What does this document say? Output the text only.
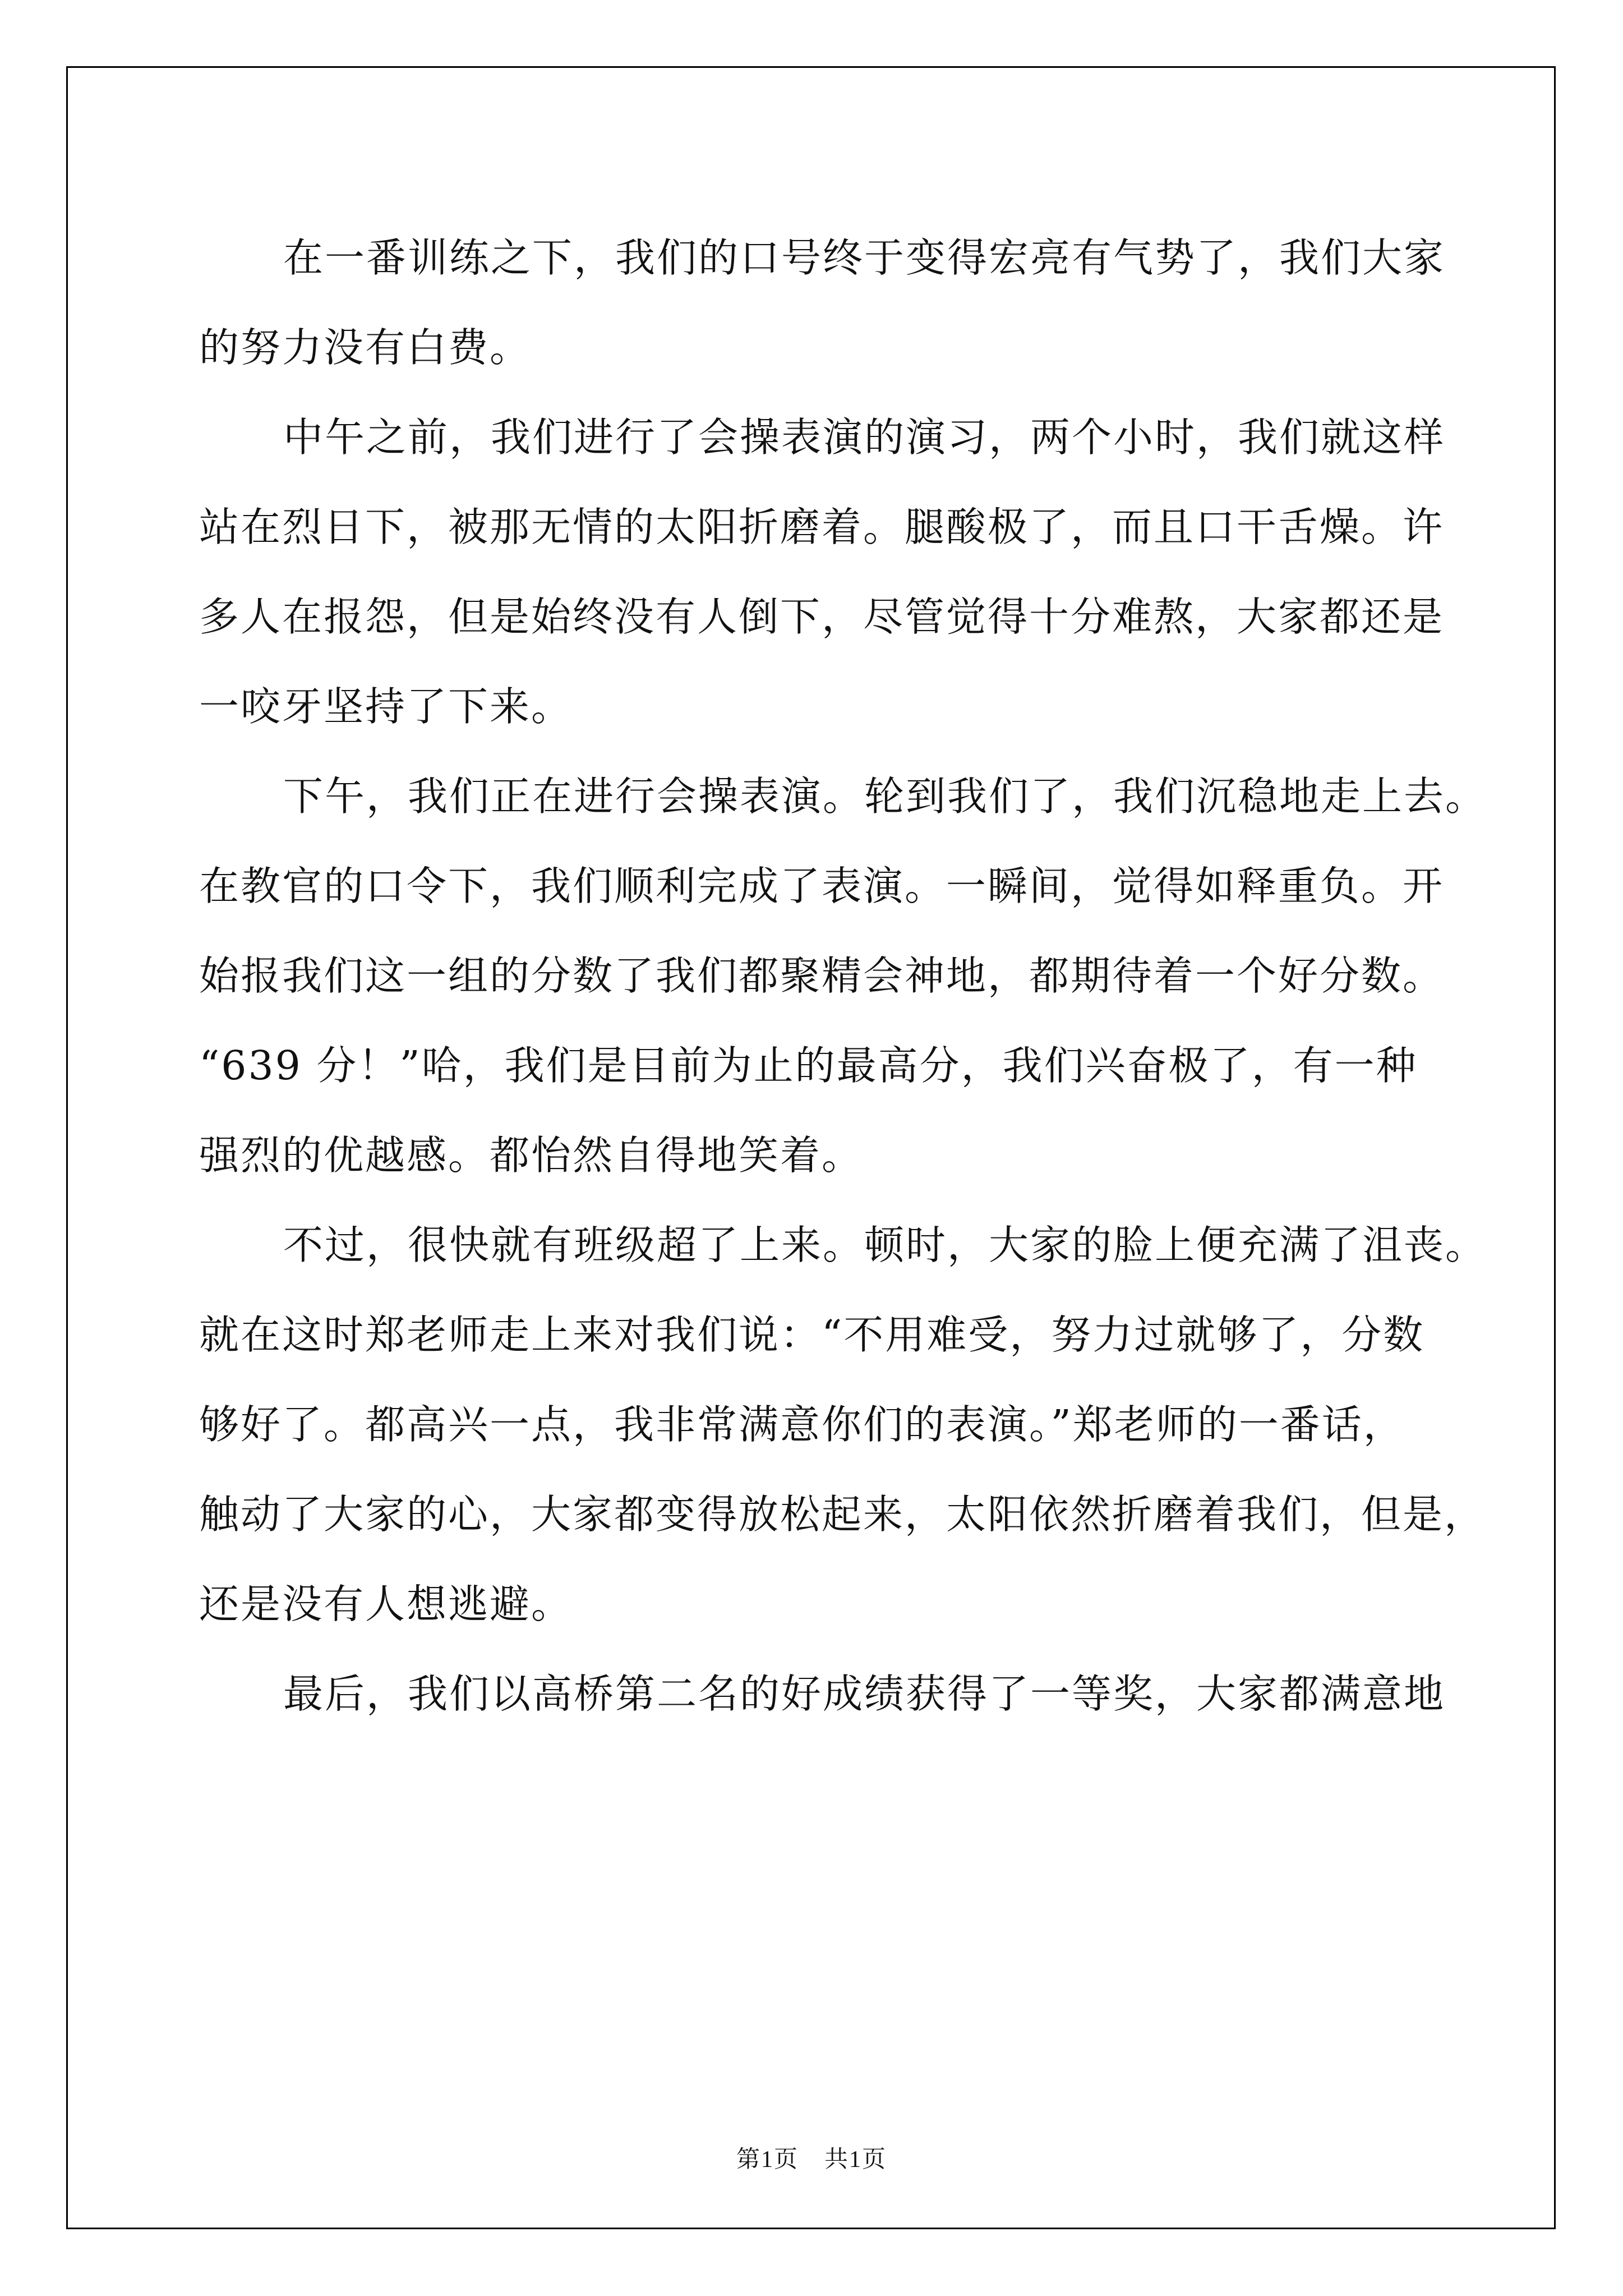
在一番训练之下，我们的口号终于变得宏亮有气势了，我们大家
的努力没有白费。
中午之前，我们进行了会操表演的演习，两个小时，我们就这样
站在烈日下，被那无情的太阳折磨着。腿酸极了，而且口干舌燥。许
多人在报怨，但是始终没有人倒下，尽管觉得十分难熬，大家都还是
一咬牙坚持了下来。
下午，我们正在进行会操表演。轮到我们了，我们沉稳地走上去。
在教官的口令下，我们顺利完成了表演。一瞬间，觉得如释重负。开
始报我们这一组的分数了我们都聚精会神地，都期待着一个好分数。
“639 分！”哈，我们是目前为止的最高分，我们兴奋极了，有一种
强烈的优越感。都怡然自得地笑着。
不过，很快就有班级超了上来。顿时，大家的脸上便充满了沮丧。
就在这时郑老师走上来对我们说：“不用难受，努力过就够了，分数
够好了。都高兴一点，我非常满意你们的表演。”郑老师的一番话，
触动了大家的心，大家都变得放松起来，太阳依然折磨着我们，但是，
还是没有人想逃避。
最后，我们以高桥第二名的好成绩获得了一等奖，大家都满意地
第1页 共1页
